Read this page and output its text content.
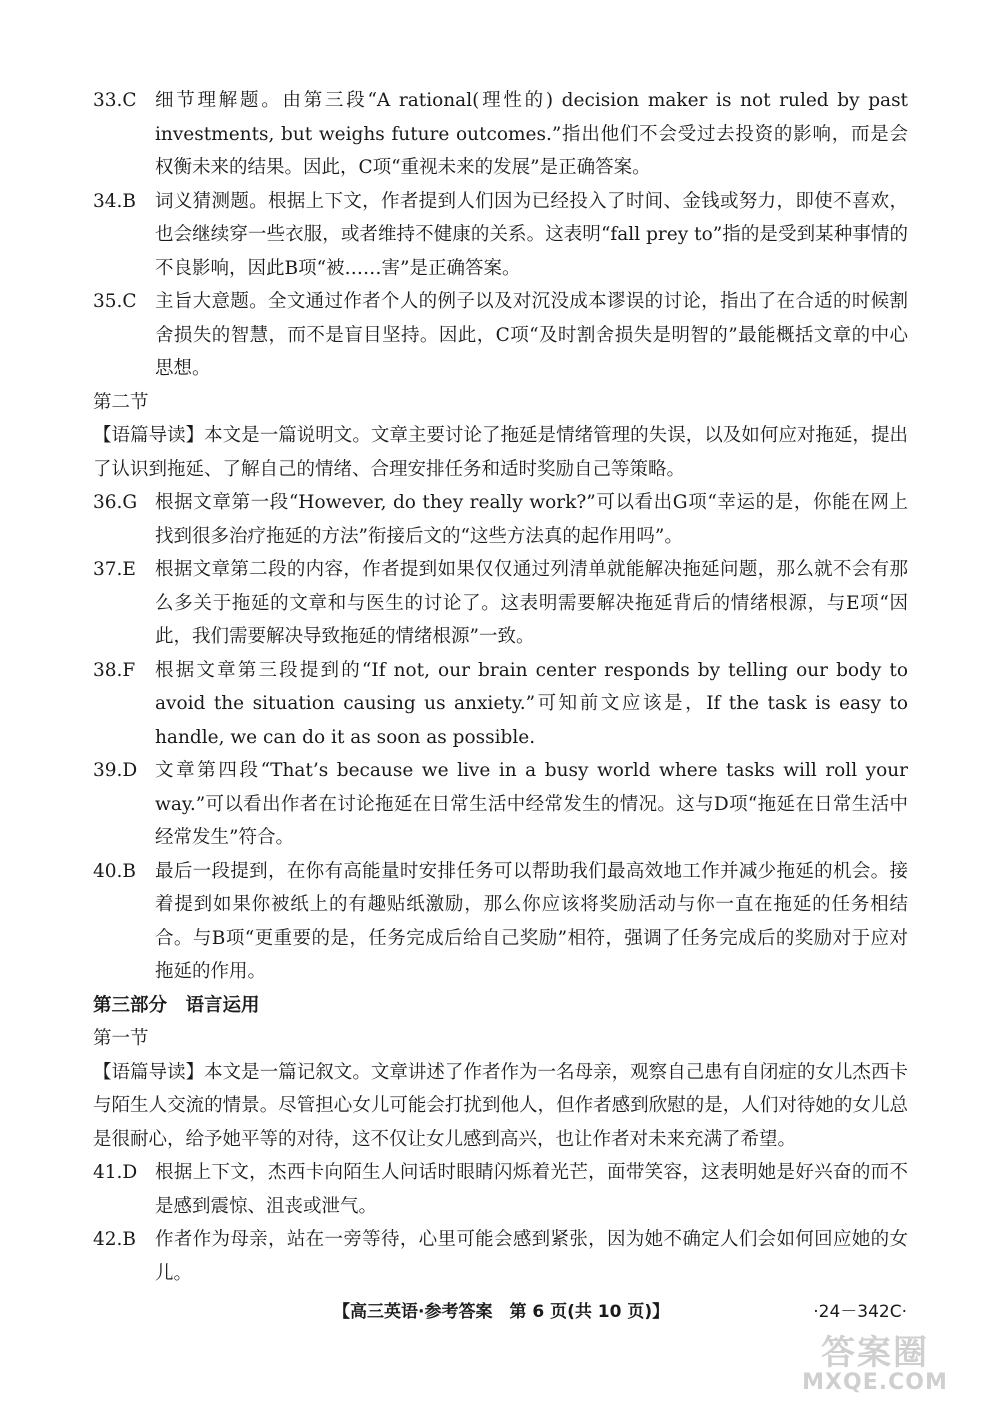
33.C 细节理解题。由第三段“A rational(理性的) decision maker is not ruled by past investments, but weighs future outcomes.”指出他们不会受过去投资的影响，而是会权衡未来的结果。因此，C项“重视未来的发展”是正确答案。
34.B	词义猜测题。根据上下文，作者提到人们因为已经投入了时间、金钱或努力，即使不喜欢，也会继续穿一些衣服，或者维持不健康的关系。这表明“fall prey to”指的是受到某种事情的不良影响，因此B项“被……害”是正确答案。
35.C 主旨大意题。全文通过作者个人的例子以及对沉没成本谬误的讨论，指出了在合适的时候割舍损失的智慧，而不是盲目坚持。因此，C项“及时割舍损失是明智的”最能概括文章的中心思想。

第二节

【语篇导读】本文是一篇说明文。文章主要讨论了拖延是情绪管理的失误，以及如何应对拖延，提出了认识到拖延、了解自己的情绪、合理安排任务和适时奖励自己等策略。

36.G 根据文章第一段“However, do they really work?”可以看出G项“幸运的是，你能在网上找到很多治疗拖延的方法”衔接后文的“这些方法真的起作用吗”。
37.E	根据文章第二段的内容，作者提到如果仅仅通过列清单就能解决拖延问题，那么就不会有那么多关于拖延的文章和与医生的讨论了。这表明需要解决拖延背后的情绪根源，与E项“因此，我们需要解决导致拖延的情绪根源”一致。
38.F	根据文章第三段提到的“If not, our brain center responds by telling our body to avoid the situation causing us anxiety.”可知前文应该是，If the task is easy to handle, we can do it as soon as possible.
39.D 文章第四段“That’s because we live in a busy world where tasks will roll your way.”可以看出作者在讨论拖延在日常生活中经常发生的情况。这与D项“拖延在日常生活中经常发生”符合。
40.B	最后一段提到，在你有高能量时安排任务可以帮助我们最高效地工作并减少拖延的机会。接着提到如果你被纸上的有趣贴纸激励，那么你应该将奖励活动与你一直在拖延的任务相结合。与B项“更重要的是，任务完成后给自己奖励”相符，强调了任务完成后的奖励对于应对拖延的作用。

第三部分　语言运用

第一节

【语篇导读】本文是一篇记叙文。文章讲述了作者作为一名母亲，观察自己患有自闭症的女儿杰西卡与陌生人交流的情景。尽管担心女儿可能会打扰到他人，但作者感到欣慰的是，人们对待她的女儿总是很耐心，给予她平等的对待，这不仅让女儿感到高兴，也让作者对未来充满了希望。

41.D 根据上下文，杰西卡向陌生人问话时眼睛闪烁着光芒，面带笑容，这表明她是好兴奋的而不是感到震惊、沮丧或泄气。
42.B	作者作为母亲，站在一旁等待，心里可能会感到紧张，因为她不确定人们会如何回应她的女儿。
【高三英语·参考答案　第 6 页(共 10 页)】	·24－342C·
答案圈
MXQE.COM
